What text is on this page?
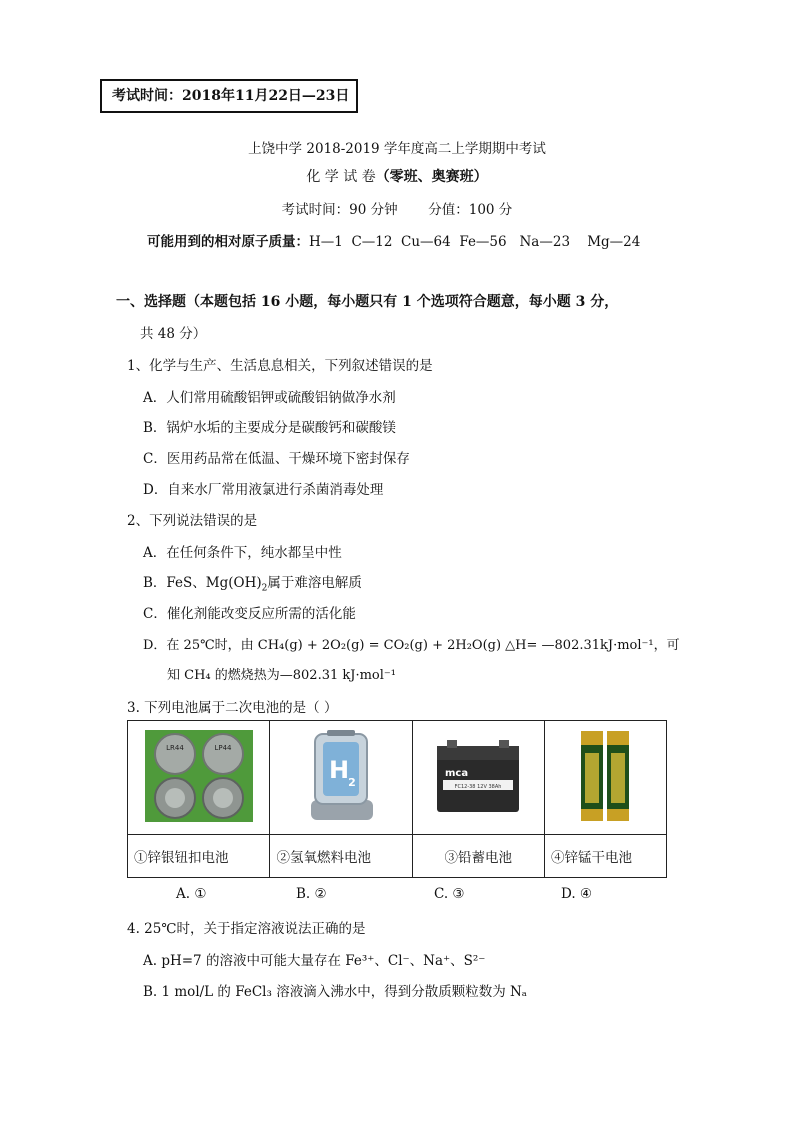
考试时间：2018年11月22日—23日
上饶中学 2018-2019 学年度高二上学期期中考试
化 学 试 卷（零班、奥赛班）
考试时间：90 分钟 分值：100 分
可能用到的相对原子质量：H—1  C—12  Cu—64  Fe—56   Na—23    Mg—24
一、选择题（本题包括 16 小题，每小题只有 1 个选项符合题意，每小题 3 分，
共 48 分）
1、化学与生产、生活息息相关，下列叙述错误的是
A．人们常用硫酸铝钾或硫酸铝钠做净水剂
B．锅炉水垢的主要成分是碳酸钙和碳酸镁
C．医用药品常在低温、干燥环境下密封保存
D．自来水厂常用液氯进行杀菌消毒处理
2、下列说法错误的是
A．在任何条件下，纯水都呈中性
B．FeS、$Mg(OH)_2$属于难溶电解质
C．催化剂能改变反应所需的活化能
D．在 25℃时，由 CH₄(g) + 2O₂(g) = CO₂(g) + 2H₂O(g) △H= —802.31kJ·mol⁻¹，可
知 CH₄ 的燃烧热为—802.31 kJ·mol⁻¹
3. 下列电池属于二次电池的是（ ）
LR44 LP44	H 2	mca
FC12-38 12V 38Ah

①锌银钮扣电池	②氢氧燃料电池	③铅蓄电池	④锌锰干电池
A. ①	B. ②	C. ③	D. ④
4. 25℃时，关于指定溶液说法正确的是
A. pH=7 的溶液中可能大量存在 Fe³⁺、Cl⁻、Na⁺、S²⁻
B. 1 mol/L 的 FeCl₃ 溶液滴入沸水中，得到分散质颗粒数为 Nₐ
